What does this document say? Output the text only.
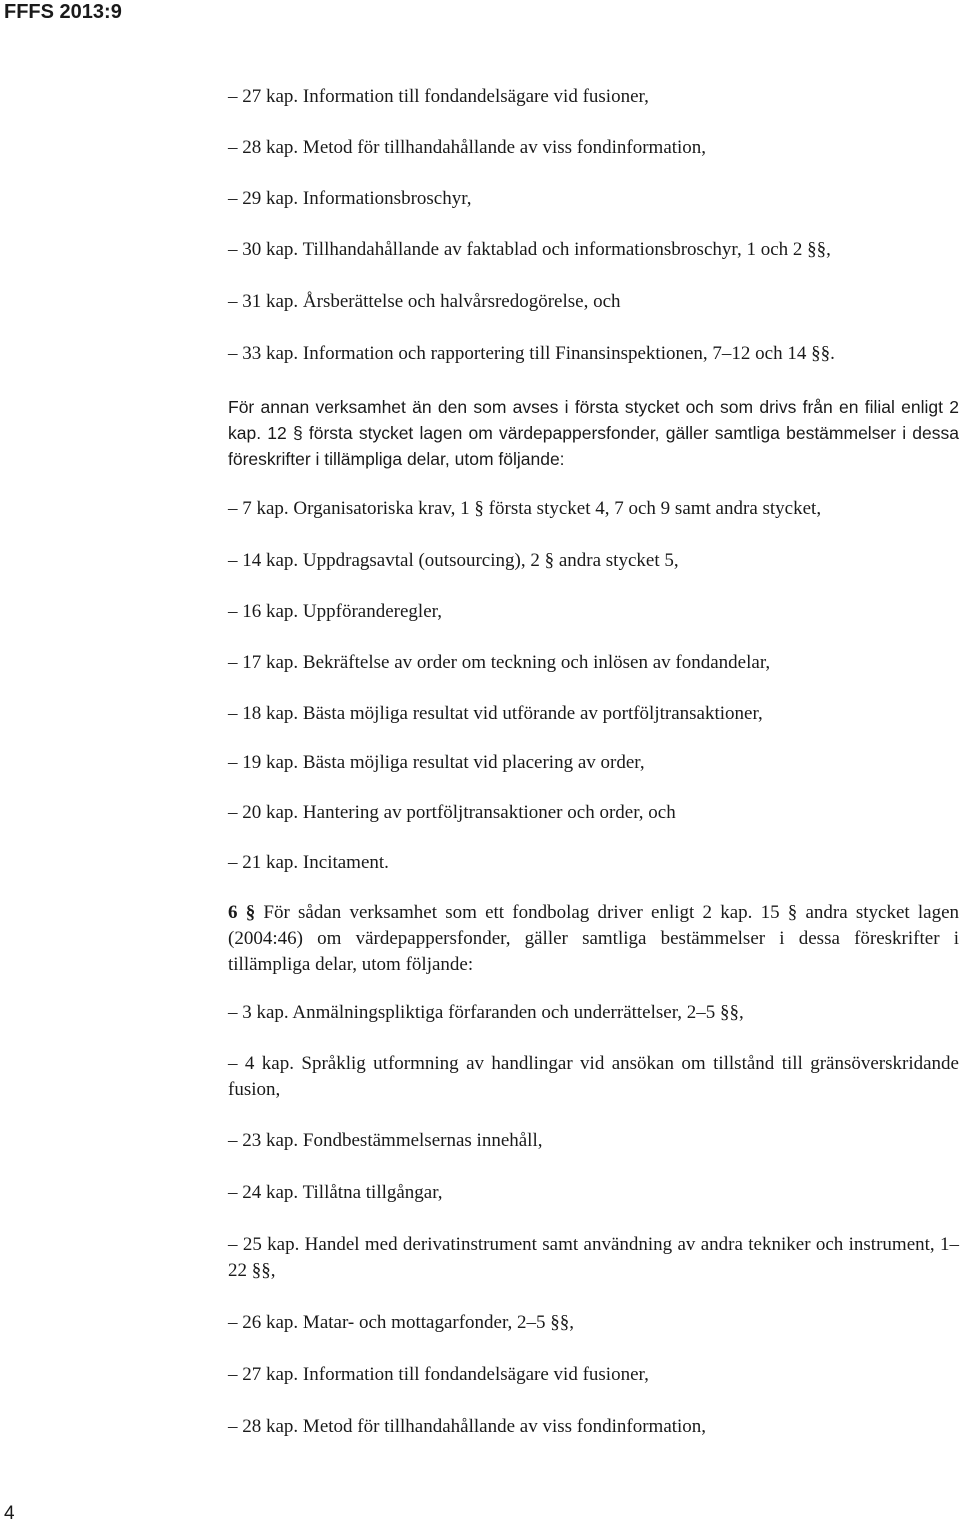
FFFS 2013:9
– 27 kap. Information till fondandelsägare vid fusioner,
– 28 kap. Metod för tillhandahållande av viss fondinformation,
– 29 kap. Informationsbroschyr,
– 30 kap. Tillhandahållande av faktablad och informationsbroschyr, 1 och 2 §§,
– 31 kap. Årsberättelse och halvårsredogörelse, och
– 33 kap. Information och rapportering till Finansinspektionen, 7–12 och 14 §§.
För annan verksamhet än den som avses i första stycket och som drivs från en filial enligt 2 kap. 12 § första stycket lagen om värdepappersfonder, gäller samtliga bestämmelser i dessa föreskrifter i tillämpliga delar, utom följande:
– 7 kap. Organisatoriska krav, 1 § första stycket 4, 7 och 9 samt andra stycket,
– 14 kap. Uppdragsavtal (outsourcing), 2 § andra stycket 5,
– 16 kap. Uppföranderegler,
– 17 kap. Bekräftelse av order om teckning och inlösen av fondandelar,
– 18 kap. Bästa möjliga resultat vid utförande av portföljtransaktioner,
– 19 kap. Bästa möjliga resultat vid placering av order,
– 20 kap. Hantering av portföljtransaktioner och order, och
– 21 kap. Incitament.
6 § För sådan verksamhet som ett fondbolag driver enligt 2 kap. 15 § andra stycket lagen (2004:46) om värdepappersfonder, gäller samtliga bestämmelser i dessa föreskrifter i tillämpliga delar, utom följande:
– 3 kap. Anmälningspliktiga förfaranden och underrättelser, 2–5 §§,
– 4 kap. Språklig utformning av handlingar vid ansökan om tillstånd till gränsöverskridande fusion,
– 23 kap. Fondbestämmelsernas innehåll,
– 24 kap. Tillåtna tillgångar,
– 25 kap. Handel med derivatinstrument samt användning av andra tekniker och instrument, 1–22 §§,
– 26 kap. Matar- och mottagarfonder, 2–5 §§,
– 27 kap. Information till fondandelsägare vid fusioner,
– 28 kap. Metod för tillhandahållande av viss fondinformation,
4
